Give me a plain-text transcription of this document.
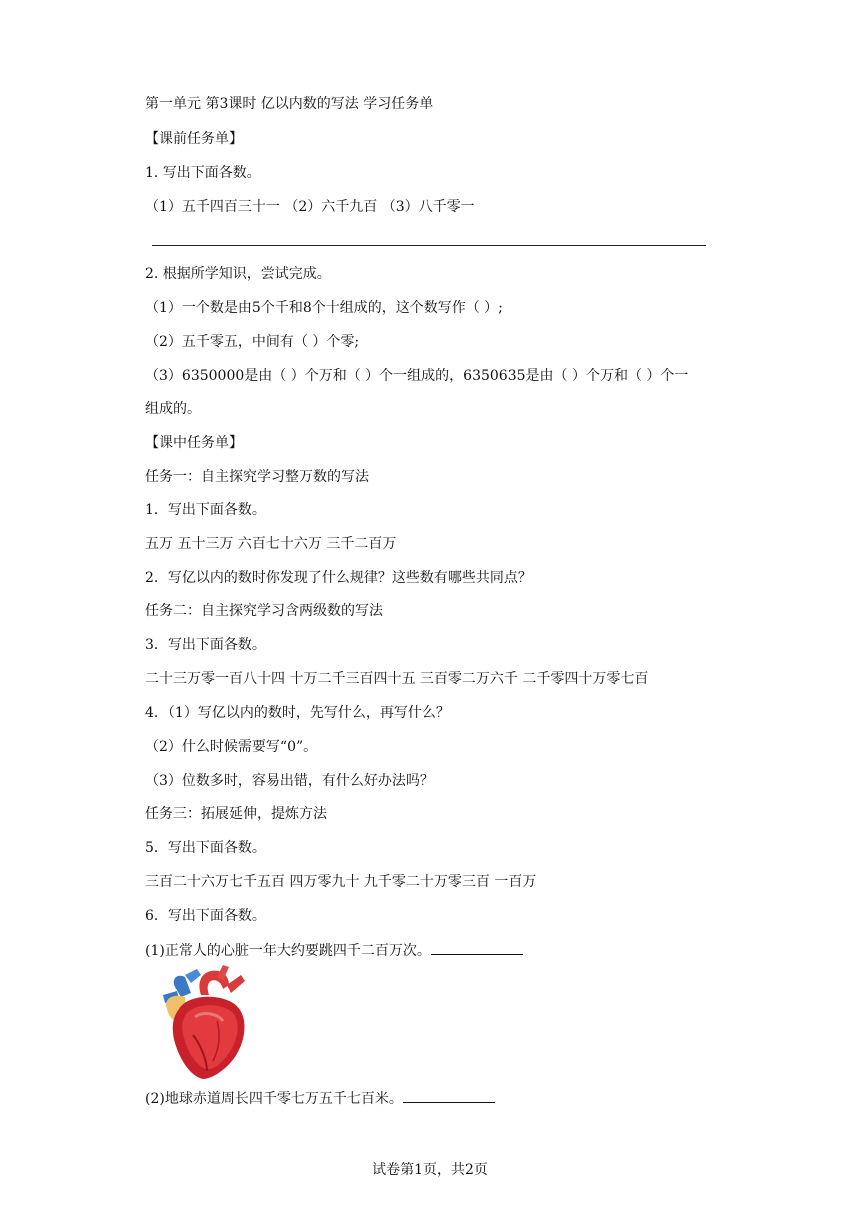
第一单元 第3课时 亿以内数的写法 学习任务单
【课前任务单】
1. 写出下面各数。
（1）五千四百三十一 （2）六千九百 （3）八千零一
2. 根据所学知识，尝试完成。
（1）一个数是由5个千和8个十组成的，这个数写作（ ）;
（2）五千零五，中间有（ ）个零;
（3）6350000是由（ ）个万和（ ）个一组成的，6350635是由（ ）个万和（ ）个一
组成的。
【课中任务单】
任务一：自主探究学习整万数的写法
1．写出下面各数。
五万 五十三万 六百七十六万 三千二百万
2．写亿以内的数时你发现了什么规律？这些数有哪些共同点？
任务二：自主探究学习含两级数的写法
3．写出下面各数。
二十三万零一百八十四 十万二千三百四十五 三百零二万六千 二千零四十万零七百
4．（1）写亿以内的数时，先写什么，再写什么？
（2）什么时候需要写“0”。
（3）位数多时，容易出错，有什么好办法吗？
任务三：拓展延伸，提炼方法
5．写出下面各数。
三百二十六万七千五百 四万零九十 九千零二十万零三百 一百万
6．写出下面各数。
(1)正常人的心脏一年大约要跳四千二百万次。
(2)地球赤道周长四千零七万五千七百米。
试卷第1页，共2页
